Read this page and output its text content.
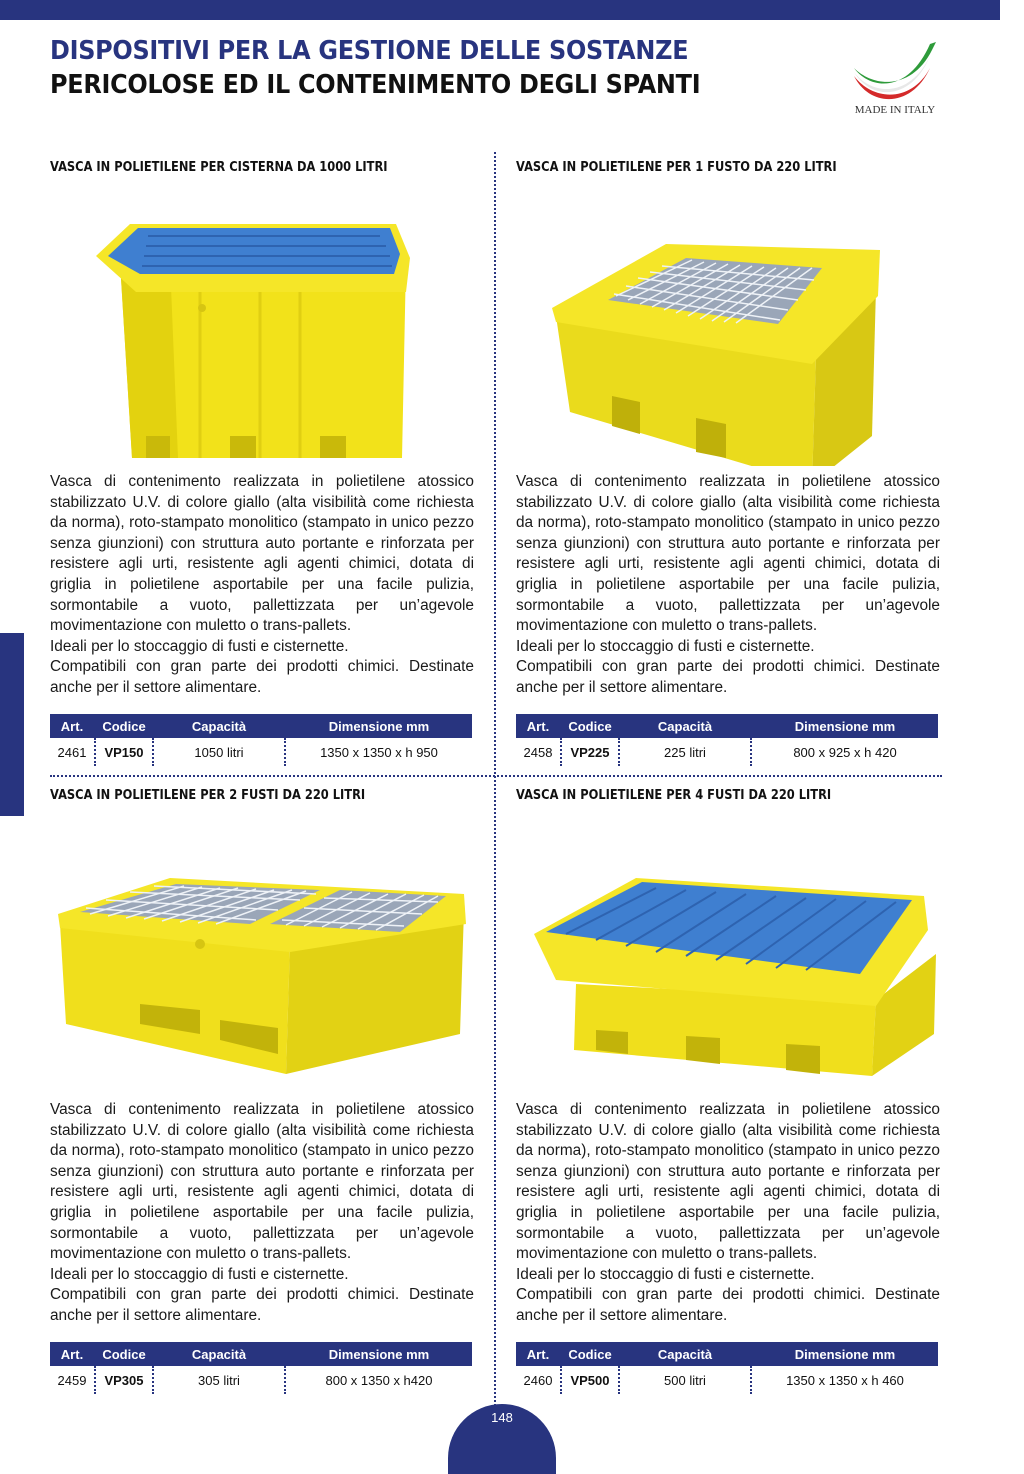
DISPOSITIVI PER LA GESTIONE DELLE SOSTANZE
PERICOLOSE ED IL CONTENIMENTO DEGLI SPANTI
MADE IN ITALY
VASCA IN POLIETILENE PER CISTERNA DA 1000 LITRI

Vasca di contenimento realizzata in polietilene atossico stabilizzato U.V. di colore giallo (alta visibilità come richiesta da norma), roto-stampato monolitico (stampato in unico pezzo senza giunzioni) con struttura auto portante e rinforzata per resistere agli urti, resistente agli agenti chimici, dotata di griglia in polietilene asportabile per una facile pulizia, sormontabile a vuoto, pallettizzata per un’agevole movimentazione con muletto o trans-pallets.

Ideali per lo stoccaggio di fusti e cisternette.

Compatibili con gran parte dei prodotti chimici. Destinate anche per il settore alimentare.

Art.	Codice	Capacità	Dimensione mm
2461	VP150	1050 litri	1350 x 1350 x h 950
VASCA IN POLIETILENE PER 1 FUSTO DA 220 LITRI

Vasca di contenimento realizzata in polietilene atossico stabilizzato U.V. di colore giallo (alta visibilità come richiesta da norma), roto-stampato monolitico (stampato in unico pezzo senza giunzioni) con struttura auto portante e rinforzata per resistere agli urti, resistente agli agenti chimici, dotata di griglia in polietilene asportabile per una facile pulizia, sormontabile a vuoto, pallettizzata per un’agevole movimentazione con muletto o trans-pallets.

Ideali per lo stoccaggio di fusti e cisternette.

Compatibili con gran parte dei prodotti chimici. Destinate anche per il settore alimentare.

Art.	Codice	Capacità	Dimensione mm
2458	VP225	225 litri	800 x 925 x h 420
VASCA IN POLIETILENE PER 2 FUSTI DA 220 LITRI

Vasca di contenimento realizzata in polietilene atossico stabilizzato U.V. di colore giallo (alta visibilità come richiesta da norma), roto-stampato monolitico (stampato in unico pezzo senza giunzioni) con struttura auto portante e rinforzata per resistere agli urti, resistente agli agenti chimici, dotata di griglia in polietilene asportabile per una facile pulizia, sormontabile a vuoto, pallettizzata per un’agevole movimentazione con muletto o trans-pallets.

Ideali per lo stoccaggio di fusti e cisternette.

Compatibili con gran parte dei prodotti chimici. Destinate anche per il settore alimentare.

Art.	Codice	Capacità	Dimensione mm
2459	VP305	305 litri	800 x 1350 x h420
VASCA IN POLIETILENE PER 4 FUSTI DA 220 LITRI

Vasca di contenimento realizzata in polietilene atossico stabilizzato U.V. di colore giallo (alta visibilità come richiesta da norma), roto-stampato monolitico (stampato in unico pezzo senza giunzioni) con struttura auto portante e rinforzata per resistere agli urti, resistente agli agenti chimici, dotata di griglia in polietilene asportabile per una facile pulizia, sormontabile a vuoto, pallettizzata per un’agevole movimentazione con muletto o trans-pallets.

Ideali per lo stoccaggio di fusti e cisternette.

Compatibili con gran parte dei prodotti chimici. Destinate anche per il settore alimentare.

Art.	Codice	Capacità	Dimensione mm
2460	VP500	500 litri	1350 x 1350 x h 460
148
